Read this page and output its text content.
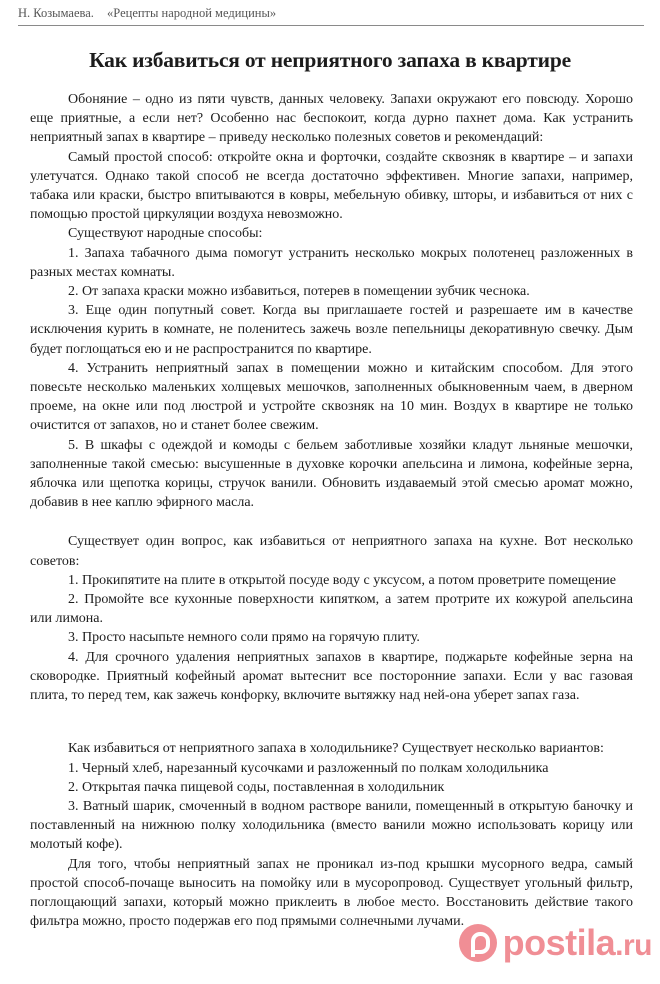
Н. Козымаева. «Рецепты народной медицины»
Как избавиться от неприятного запаха в квартире

Обоняние – одно из пяти чувств, данных человеку. Запахи окружают его повсюду. Хорошо еще приятные, а если нет? Особенно нас беспокоит, когда дурно пахнет дома. Как устранить неприятный запах в квартире – приведу несколько полезных советов и рекомендаций:

Самый простой способ: откройте окна и форточки, создайте сквозняк в квартире – и запахи улетучатся. Однако такой способ не всегда достаточно эффективен. Многие запахи, например, табака или краски, быстро впитываются в ковры, мебельную обивку, шторы, и избавиться от них с помощью простой циркуляции воздуха невозможно.

Существуют народные способы:

1. Запаха табачного дыма помогут устранить несколько мокрых полотенец разложенных в разных местах комнаты.

2. От запаха краски можно избавиться, потерев в помещении зубчик чеснока.

3. Еще один попутный совет. Когда вы приглашаете гостей и разрешаете им в качестве исключения курить в комнате, не поленитесь зажечь возле пепельницы декоративную свечку. Дым будет поглощаться ею и не распространится по квартире.

4. Устранить неприятный запах в помещении можно и китайским способом. Для этого повесьте несколько маленьких холщевых мешочков, заполненных обыкновенным чаем, в дверном проеме, на окне или под люстрой и устройте сквозняк на 10 мин. Воздух в квартире не только очистится от запахов, но и станет более свежим.

5. В шкафы с одеждой и комоды с бельем заботливые хозяйки кладут льняные мешочки, заполненные такой смесью: высушенные в духовке корочки апельсина и лимона, кофейные зерна, яблочка или щепотка корицы, стручок ванили. Обновить издаваемый этой смесью аромат можно, добавив в нее каплю эфирного масла.

Существует один вопрос, как избавиться от неприятного запаха на кухне. Вот несколько советов:

1. Прокипятите на плите в открытой посуде воду с уксусом, а потом проветрите помещение

2. Промойте все кухонные поверхности кипятком, а затем протрите их кожурой апельсина или лимона.

3. Просто насыпьте немного соли прямо на горячую плиту.

4. Для срочного удаления неприятных запахов в квартире, поджарьте кофейные зерна на сковородке. Приятный кофейный аромат вытеснит все посторонние запахи. Если у вас газовая плита, то перед тем, как зажечь конфорку, включите вытяжку над ней-она уберет запах газа.

Как избавиться от неприятного запаха в холодильнике? Существует несколько вариантов:

1. Черный хлеб, нарезанный кусочками и разложенный по полкам холодильника

2. Открытая пачка пищевой соды, поставленная в холодильник

3. Ватный шарик, смоченный в водном растворе ванили, помещенный в открытую баночку и поставленный на нижнюю полку холодильника (вместо ванили можно использовать корицу или молотый кофе).

Для того, чтобы неприятный запах не проникал из-под крышки мусорного ведра, самый простой способ-почаще выносить на помойку или в мусоропровод. Существует угольный фильтр, поглощающий запахи, который можно приклеить в любое место. Восстановить действие такого фильтра можно, просто подержав его под прямыми солнечными лучами.

postila.ru
